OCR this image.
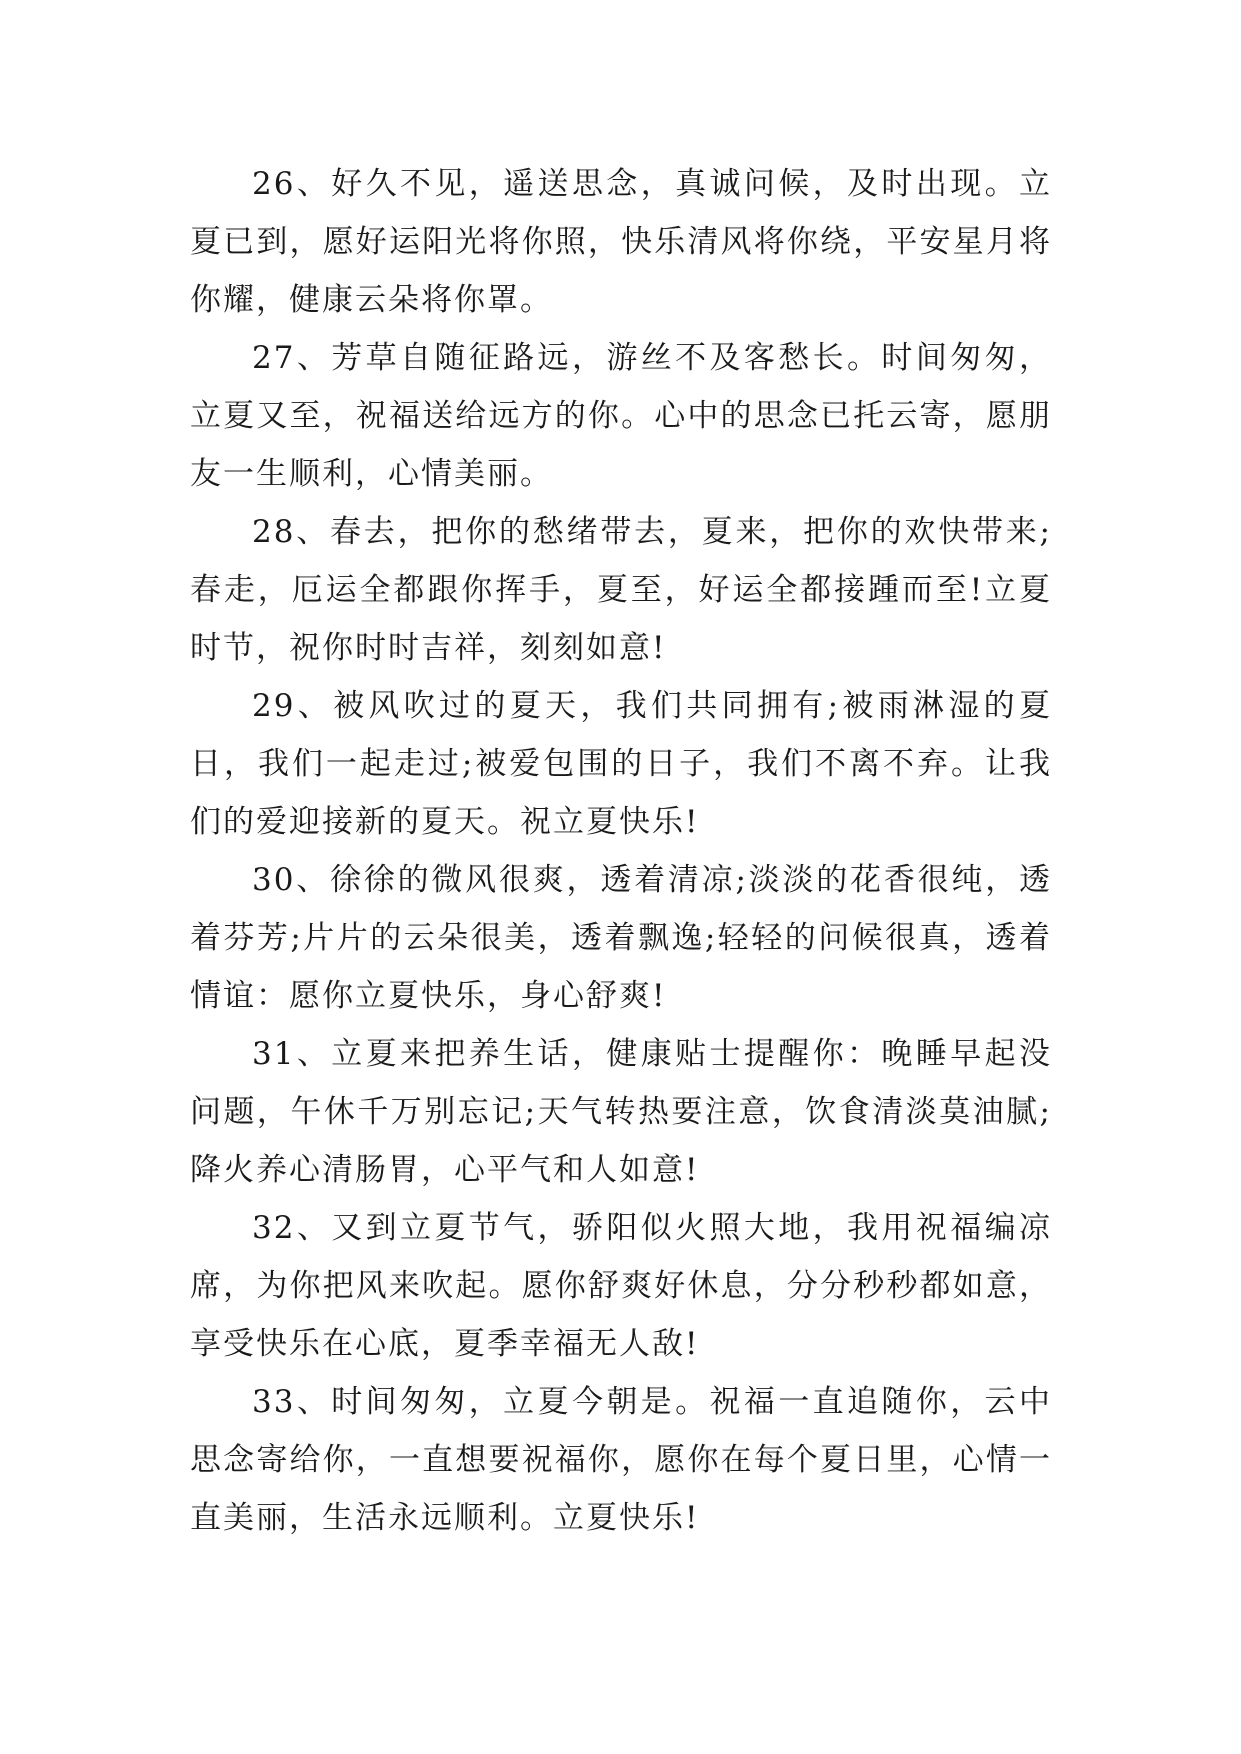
26、好久不见，遥送思念，真诚问候，及时出现。立夏已到，愿好运阳光将你照，快乐清风将你绕，平安星月将你耀，健康云朵将你罩。

27、芳草自随征路远，游丝不及客愁长。时间匆匆，立夏又至，祝福送给远方的你。心中的思念已托云寄，愿朋友一生顺利，心情美丽。

28、春去，把你的愁绪带去，夏来，把你的欢快带来;春走，厄运全都跟你挥手，夏至，好运全都接踵而至!立夏时节，祝你时时吉祥，刻刻如意!

29、被风吹过的夏天，我们共同拥有;被雨淋湿的夏日，我们一起走过;被爱包围的日子，我们不离不弃。让我们的爱迎接新的夏天。祝立夏快乐!

30、徐徐的微风很爽，透着清凉;淡淡的花香很纯，透着芬芳;片片的云朵很美，透着飘逸;轻轻的问候很真，透着情谊：愿你立夏快乐，身心舒爽!

31、立夏来把养生话，健康贴士提醒你：晚睡早起没问题，午休千万别忘记;天气转热要注意，饮食清淡莫油腻;降火养心清肠胃，心平气和人如意!

32、又到立夏节气，骄阳似火照大地，我用祝福编凉席，为你把风来吹起。愿你舒爽好休息，分分秒秒都如意，享受快乐在心底，夏季幸福无人敌!

33、时间匆匆，立夏今朝是。祝福一直追随你，云中思念寄给你，一直想要祝福你，愿你在每个夏日里，心情一直美丽，生活永远顺利。立夏快乐!
